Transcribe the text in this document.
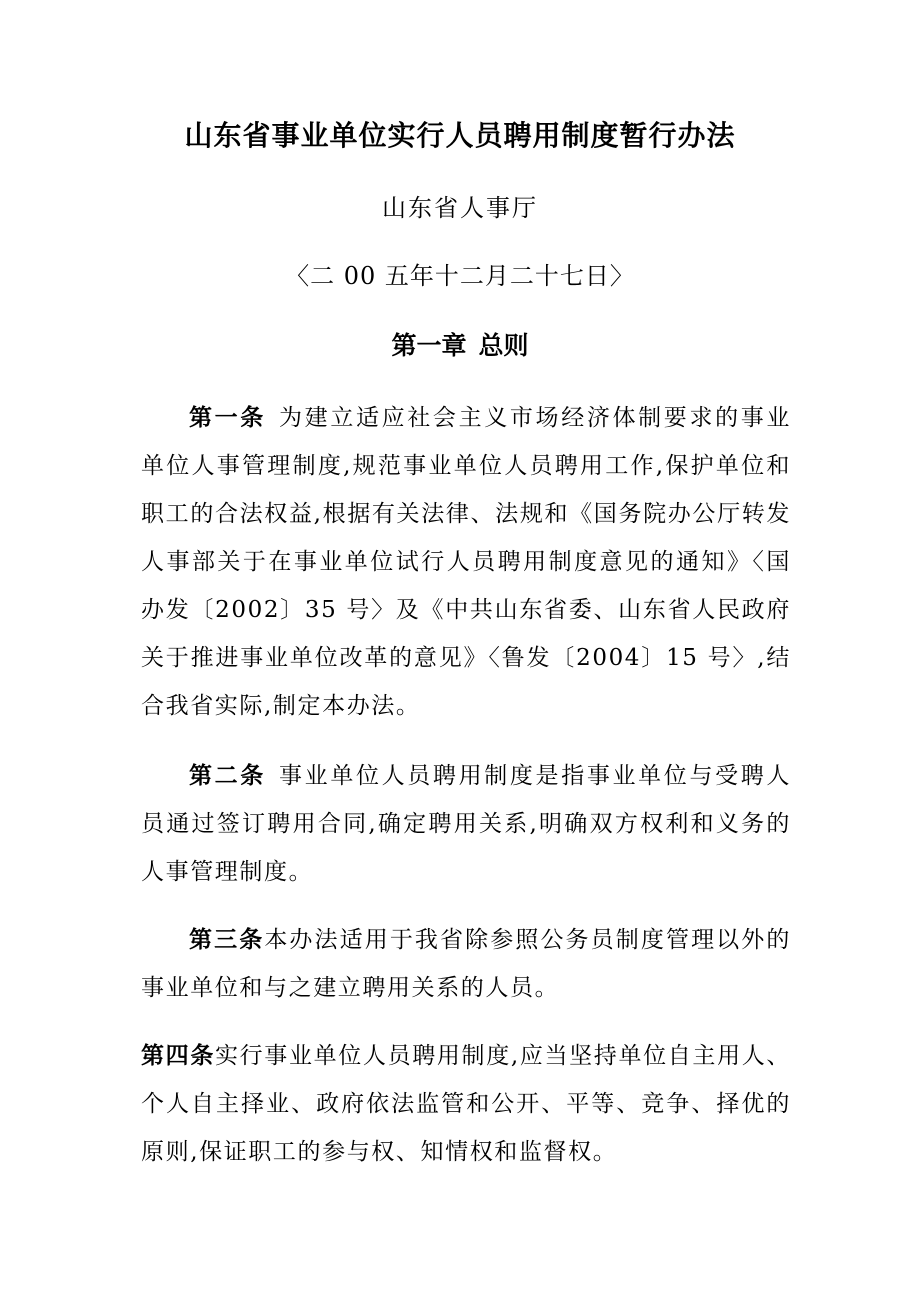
山东省事业单位实行人员聘用制度暂行办法
山东省人事厅
〈二 00 五年十二月二十七日〉
第一章 总则

第一条 为建立适应社会主义市场经济体制要求的事业单位人事管理制度,规范事业单位人员聘用工作,保护单位和职工的合法权益,根据有关法律、法规和《国务院办公厅转发人事部关于在事业单位试行人员聘用制度意见的通知》〈国办发〔2002〕35 号〉及《中共山东省委、山东省人民政府关于推进事业单位改革的意见》〈鲁发〔2004〕15 号〉,结合我省实际,制定本办法。

第二条 事业单位人员聘用制度是指事业单位与受聘人员通过签订聘用合同,确定聘用关系,明确双方权利和义务的人事管理制度。

第三条本办法适用于我省除参照公务员制度管理以外的事业单位和与之建立聘用关系的人员。

第四条实行事业单位人员聘用制度,应当坚持单位自主用人、个人自主择业、政府依法监管和公开、平等、竞争、择优的原则,保证职工的参与权、知情权和监督权。
